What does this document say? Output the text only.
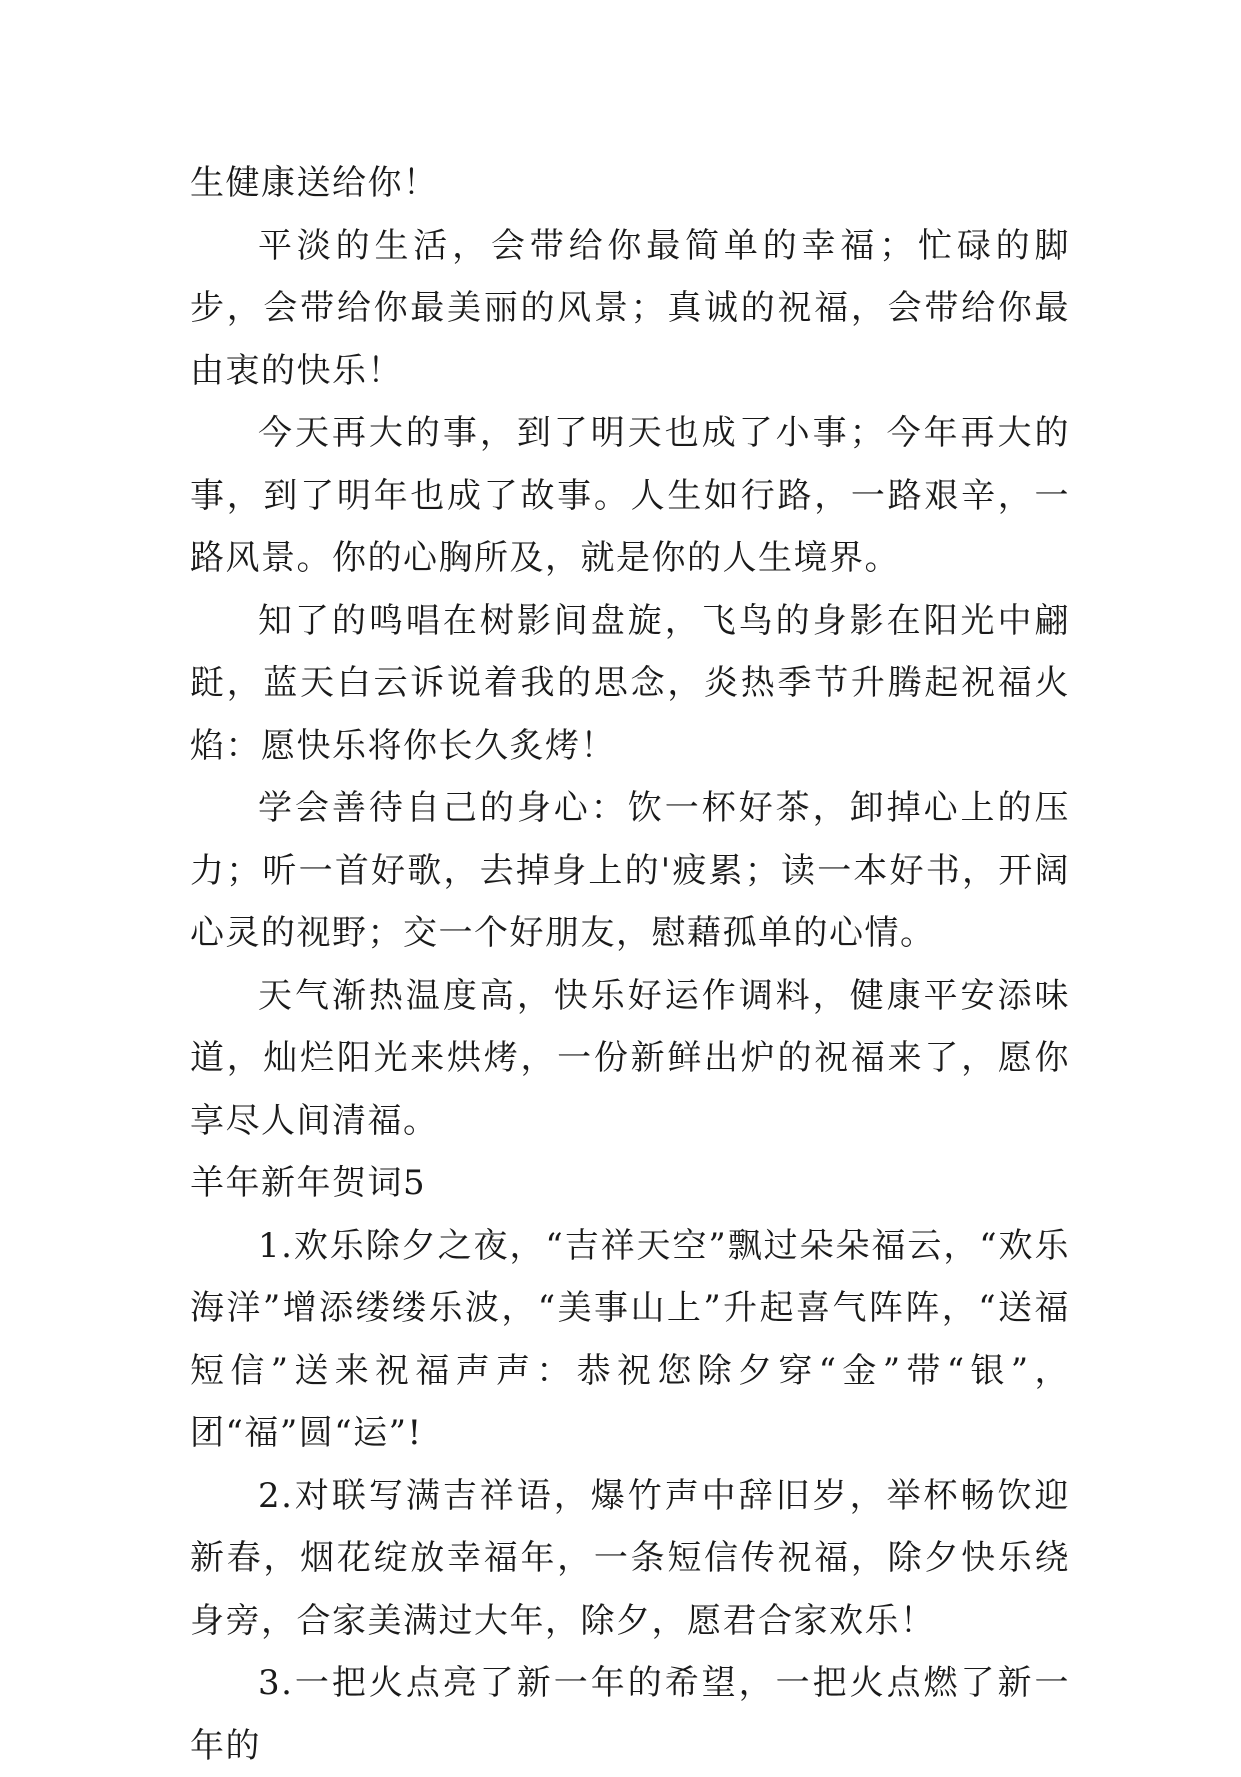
生健康送给你！

平淡的生活，会带给你最简单的幸福；忙碌的脚步，会带给你最美丽的风景；真诚的祝福，会带给你最由衷的快乐！

今天再大的事，到了明天也成了小事；今年再大的事，到了明年也成了故事。人生如行路，一路艰辛，一路风景。你的心胸所及，就是你的人生境界。

知了的鸣唱在树影间盘旋，飞鸟的身影在阳光中翩跹，蓝天白云诉说着我的思念，炎热季节升腾起祝福火焰：愿快乐将你长久炙烤！

学会善待自己的身心：饮一杯好茶，卸掉心上的压力；听一首好歌，去掉身上的'疲累；读一本好书，开阔心灵的视野；交一个好朋友，慰藉孤单的心情。

天气渐热温度高，快乐好运作调料，健康平安添味道，灿烂阳光来烘烤，一份新鲜出炉的祝福来了，愿你享尽人间清福。

羊年新年贺词5

1.欢乐除夕之夜，“吉祥天空”飘过朵朵福云，“欢乐海洋”增添缕缕乐波，“美事山上”升起喜气阵阵，“送福短信”送来祝福声声：恭祝您除夕穿“金”带“银”，团“福”圆“运”!

2.对联写满吉祥语，爆竹声中辞旧岁，举杯畅饮迎新春，烟花绽放幸福年，一条短信传祝福，除夕快乐绕身旁，合家美满过大年，除夕，愿君合家欢乐！

3.一把火点亮了新一年的希望，一把火点燃了新一年的
